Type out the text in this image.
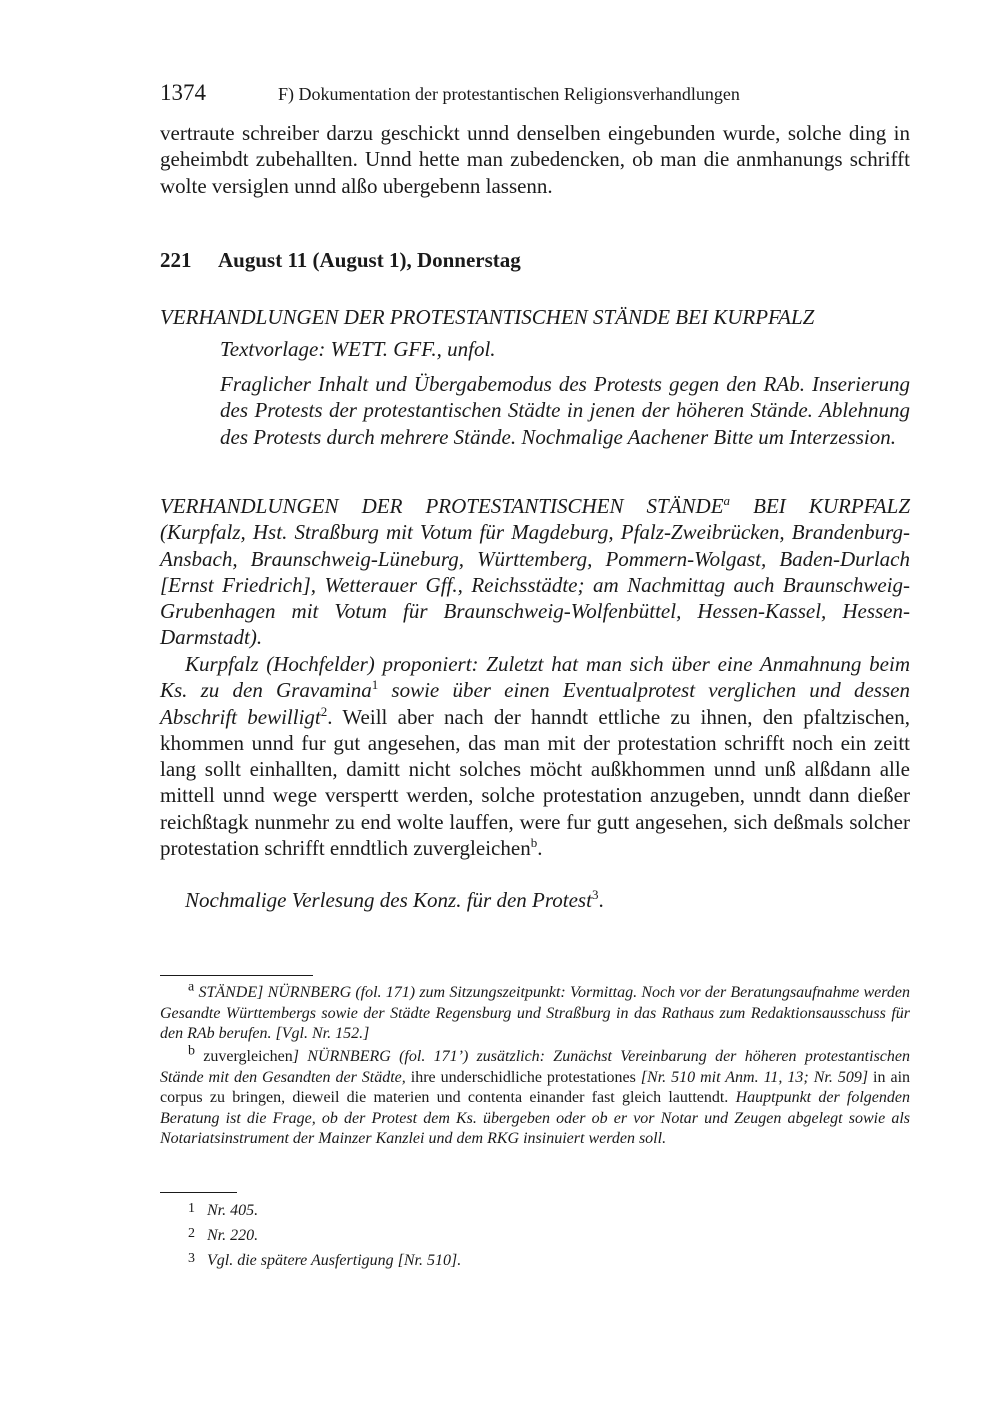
1374	F) Dokumentation der protestantischen Religionsverhandlungen
vertraute schreiber darzu geschickt unnd denselben eingebunden wurde, solche ding in geheimbdt zubehallten. Unnd hette man zubedencken, ob man die anmhanungs schrifft wolte versiglen unnd alßo ubergebenn lassenn.
221 August 11 (August 1), Donnerstag
VERHANDLUNGEN DER PROTESTANTISCHEN STÄNDE BEI KURPFALZ
Textvorlage: WETT. GFF., unfol.
Fraglicher Inhalt und Übergabemodus des Protests gegen den RAb. Inserierung des Protests der protestantischen Städte in jenen der höheren Stände. Ablehnung des Protests durch mehrere Stände. Nochmalige Aachener Bitte um Interzession.
VERHANDLUNGEN DER PROTESTANTISCHEN STÄNDE$^a$ BEI KURPFALZ (Kurpfalz, Hst. Straßburg mit Votum für Magdeburg, Pfalz-Zweibrücken, Brandenburg-Ansbach, Braunschweig-Lüneburg, Württemberg, Pommern-Wolgast, Baden-Durlach [Ernst Friedrich], Wetterauer Gff., Reichsstädte; am Nachmittag auch Braunschweig-Grubenhagen mit Votum für Braunschweig-Wolfenbüttel, Hessen-Kassel, Hessen-Darmstadt).
Kurpfalz (Hochfelder) proponiert: Zuletzt hat man sich über eine Anmahnung beim Ks. zu den Gravamina$^1$ sowie über einen Eventualprotest verglichen und dessen Abschrift bewilligt$^2$. Weill aber nach der hanndt ettliche zu ihnen, den pfaltzischen, khommen unnd fur gut angesehen, das man mit der protestation schrifft noch ein zeitt lang sollt einhallten, damitt nicht solches möcht außkhommen unnd unß alßdann alle mittell unnd wege verspertt werden, solche protestation anzugeben, unndt dann dießer reichßtagk nunmehr zu end wolte lauffen, were fur gutt angesehen, sich deßmals solcher protestation schrifft enndtlich zuvergleichen$^b$.
Nochmalige Verlesung des Konz. für den Protest$^3$.
a STÄNDE] NÜRNBERG (fol. 171) zum Sitzungszeitpunkt: Vormittag. Noch vor der Beratungsaufnahme werden Gesandte Württembergs sowie der Städte Regensburg und Straßburg in das Rathaus zum Redaktionsausschuss für den RAb berufen. [Vgl. Nr. 152.]
b zuvergleichen] NÜRNBERG (fol. 171’) zusätzlich: Zunächst Vereinbarung der höheren protestantischen Stände mit den Gesandten der Städte, ihre underschidliche protestationes [Nr. 510 mit Anm. 11, 13; Nr. 509] in ain corpus zu bringen, dieweil die materien und contenta einander fast gleich lauttendt. Hauptpunkt der folgenden Beratung ist die Frage, ob der Protest dem Ks. übergeben oder ob er vor Notar und Zeugen abgelegt sowie als Notariatsinstrument der Mainzer Kanzlei und dem RKG insinuiert werden soll.
1 Nr. 405.
2 Nr. 220.
3 Vgl. die spätere Ausfertigung [Nr. 510].
